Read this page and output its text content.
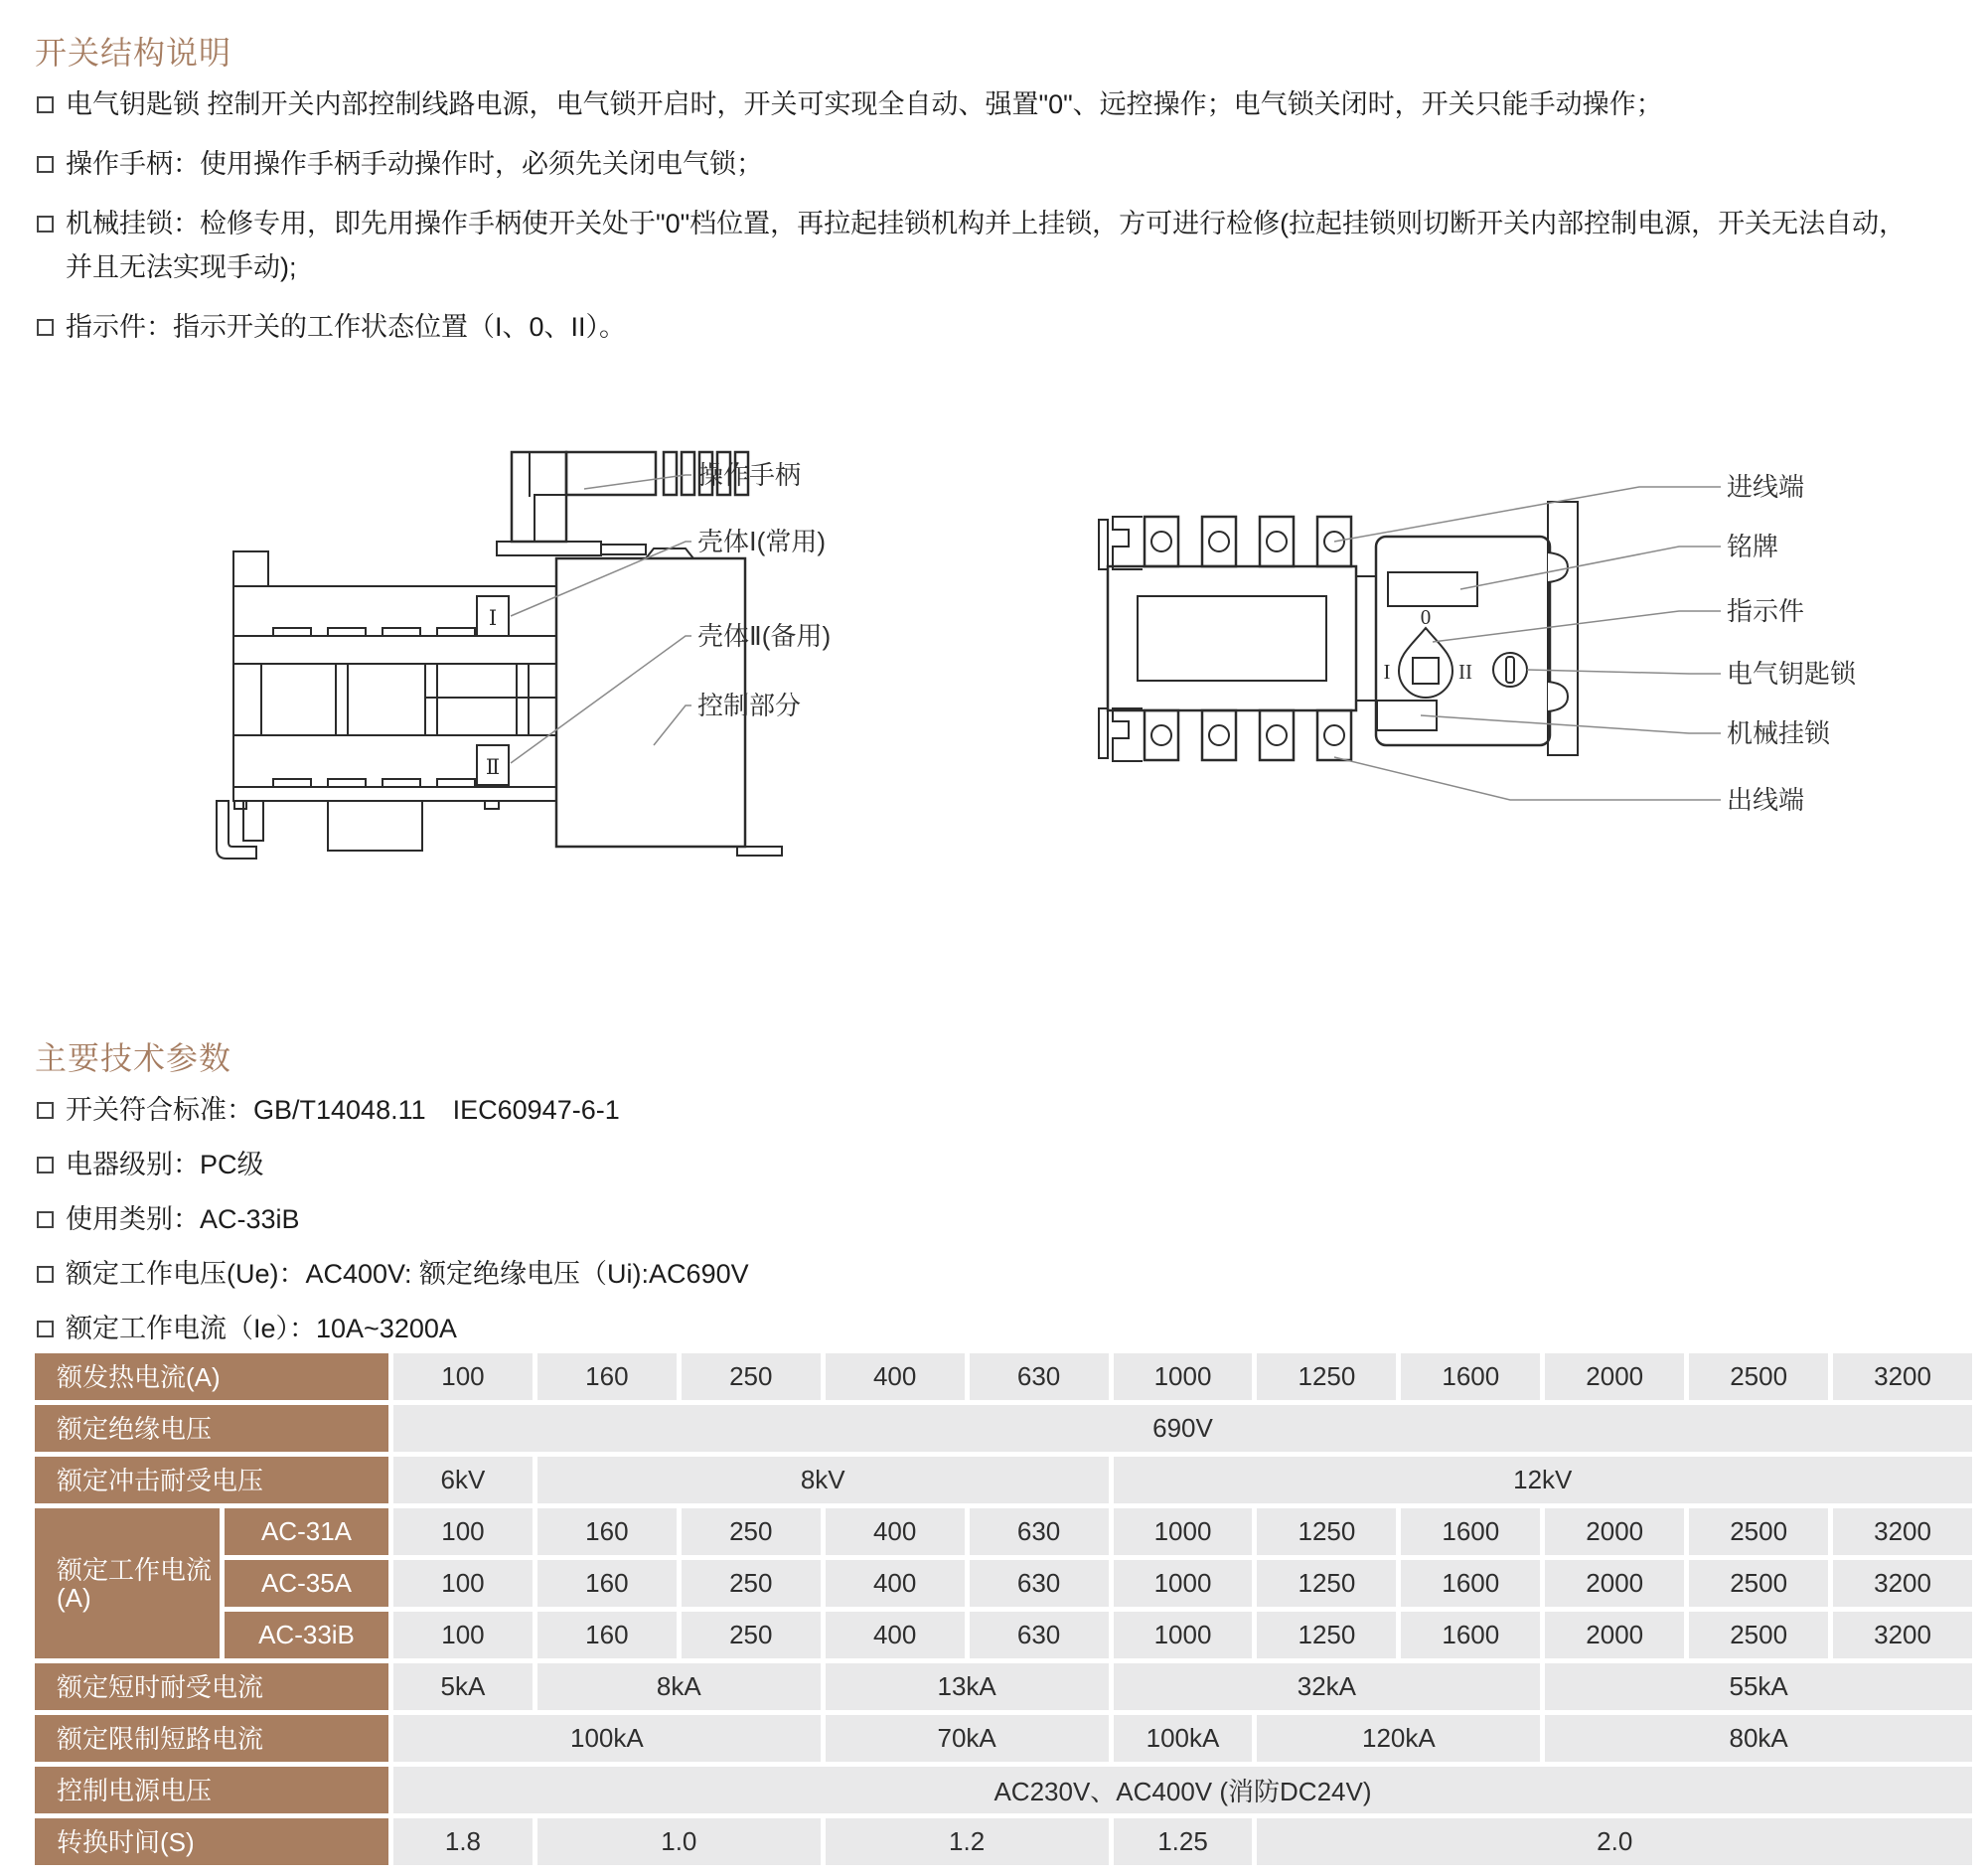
开关结构说明
电气钥匙锁 控制开关内部控制线路电源，电气锁开启时，开关可实现全自动、强置"0"、远控操作；电气锁关闭时，开关只能手动操作；
操作手柄：使用操作手柄手动操作时，必须先关闭电气锁；
机械挂锁：检修专用，即先用操作手柄使开关处于"0"档位置，再拉起挂锁机构并上挂锁，方可进行检修(拉起挂锁则切断开关内部控制电源，开关无法自动，
并且无法实现手动);
指示件：指示开关的工作状态位置（I、0、II）。
Ⅰ
Ⅱ
操作手柄
壳体Ⅰ(常用)
壳体Ⅱ(备用)
控制部分
0
I	II
进线端
铭牌
指示件
电气钥匙锁
机械挂锁
出线端
主要技术参数
开关符合标准：GB/T14048.11　IEC60947-6-1
电器级别：PC级
使用类别：AC-33iB
额定工作电压(Ue)：AC400V: 额定绝缘电压（Ui):AC690V
额定工作电流（Ie）：10A~3200A
额发热电流(A)	100	160	250	400	630	1000	1250	1600	2000	2500	3200
额定绝缘电压	690V
额定冲击耐受电压	6kV	8kV	12kV
额定工作电流(A)
AC-31A	100	160	250	400	630	1000	1250	1600	2000	2500	3200
AC-35A	100	160	250	400	630	1000	1250	1600	2000	2500	3200
AC-33iB	100	160	250	400	630	1000	1250	1600	2000	2500	3200
额定短时耐受电流	5kA	8kA	13kA	32kA	55kA
额定限制短路电流	100kA	70kA	100kA	120kA	80kA
控制电源电压	AC230V、AC400V (消防DC24V)
转换时间(S)	1.8	1.0	1.2	1.25	2.0
